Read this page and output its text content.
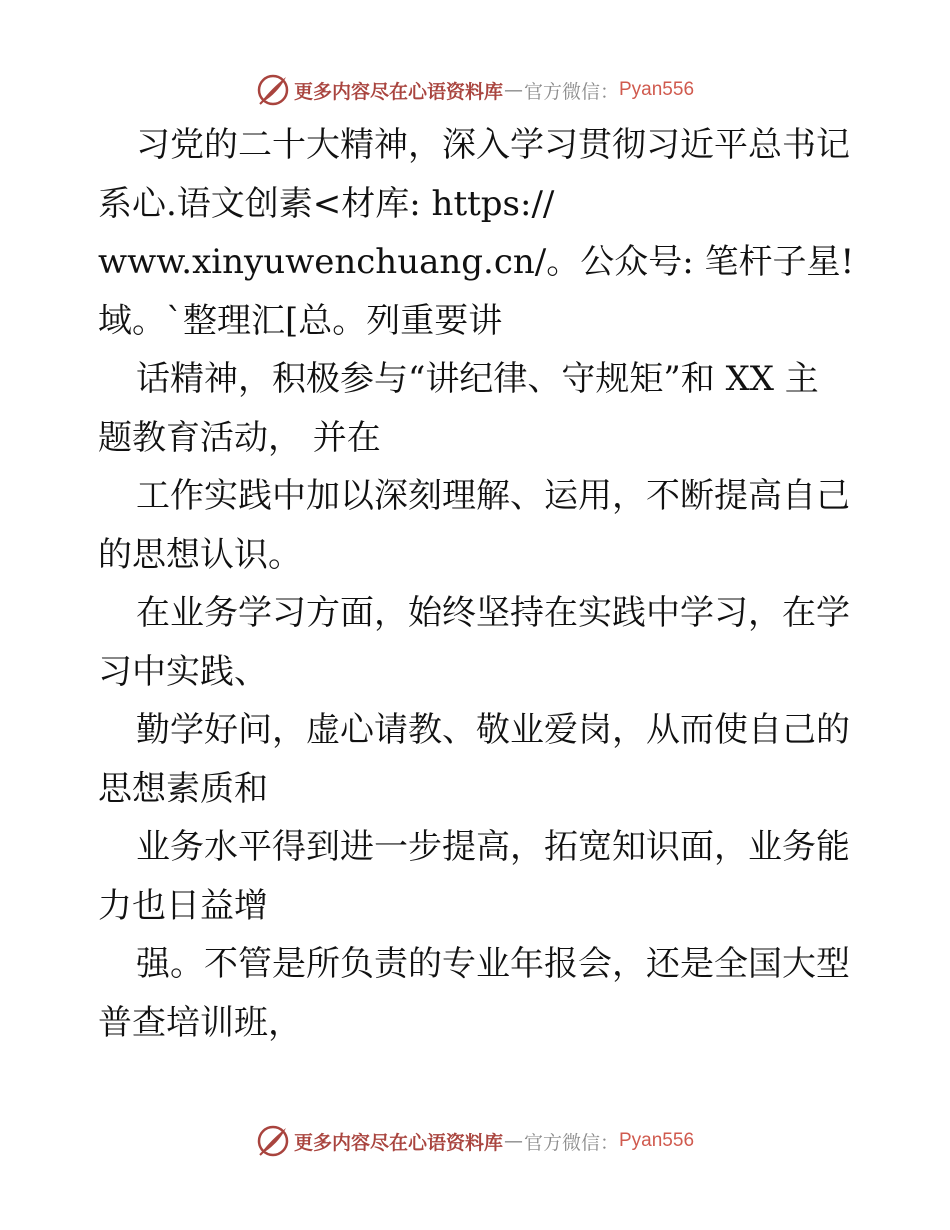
更多内容尽在心语资料库 — 官方微信： Pyan556
习党的二十大精神，深入学习贯彻习近平总书记
系心.语文创素<材库: https://
www.xinyuwenchuang.cn/。公众号: 笔杆子星!
域。`整理汇[总。列重要讲
话精神，积极参与“讲纪律、守规矩”和 XX 主
题教育活动， 并在
工作实践中加以深刻理解、运用，不断提高自己
的思想认识。
在业务学习方面，始终坚持在实践中学习，在学
习中实践、
勤学好问，虚心请教、敬业爱岗，从而使自己的
思想素质和
业务水平得到进一步提高，拓宽知识面，业务能
力也日益增
强。不管是所负责的专业年报会，还是全国大型
普查培训班，
更多内容尽在心语资料库 — 官方微信： Pyan556
